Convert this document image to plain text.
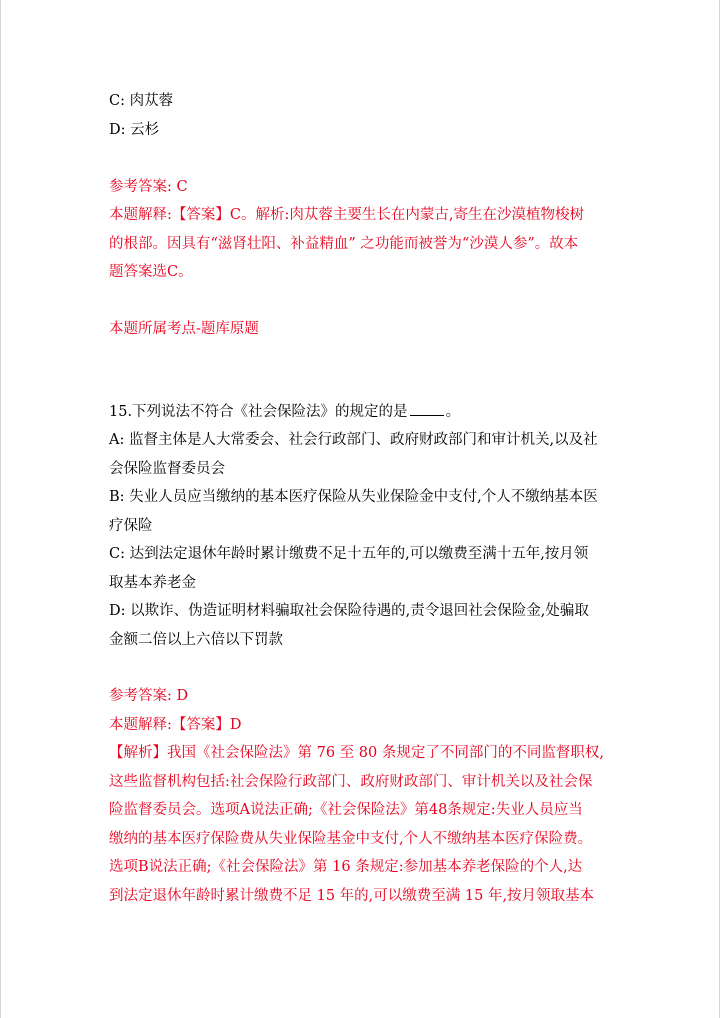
C: 肉苁蓉
D: 云杉
参考答案: C
本题解释:【答案】C。解析:肉苁蓉主要生长在内蒙古,寄生在沙漠植物梭树
的根部。因具有“滋肾壮阳、补益精血” 之功能而被誉为“沙漠人参”。故本
题答案选C。
本题所属考点-题库原题
15.下列说法不符合《社会保险法》的规定的是	。
A: 监督主体是人大常委会、社会行政部门、政府财政部门和审计机关,以及社
会保险监督委员会
B: 失业人员应当缴纳的基本医疗保险从失业保险金中支付,个人不缴纳基本医
疗保险
C: 达到法定退休年龄时累计缴费不足十五年的,可以缴费至满十五年,按月领
取基本养老金
D: 以欺诈、伪造证明材料骗取社会保险待遇的,责令退回社会保险金,处骗取
金额二倍以上六倍以下罚款
参考答案: D
本题解释:【答案】D
【解析】我国《社会保险法》第 76 至 80 条规定了不同部门的不同监督职权,
这些监督机构包括:社会保险行政部门、政府财政部门、审计机关以及社会保
险监督委员会。选项A说法正确;《社会保险法》第48条规定:失业人员应当
缴纳的基本医疗保险费从失业保险基金中支付,个人不缴纳基本医疗保险费。
选项B说法正确;《社会保险法》第 16 条规定:参加基本养老保险的个人,达
到法定退休年龄时累计缴费不足 15 年的,可以缴费至满 15 年,按月领取基本
